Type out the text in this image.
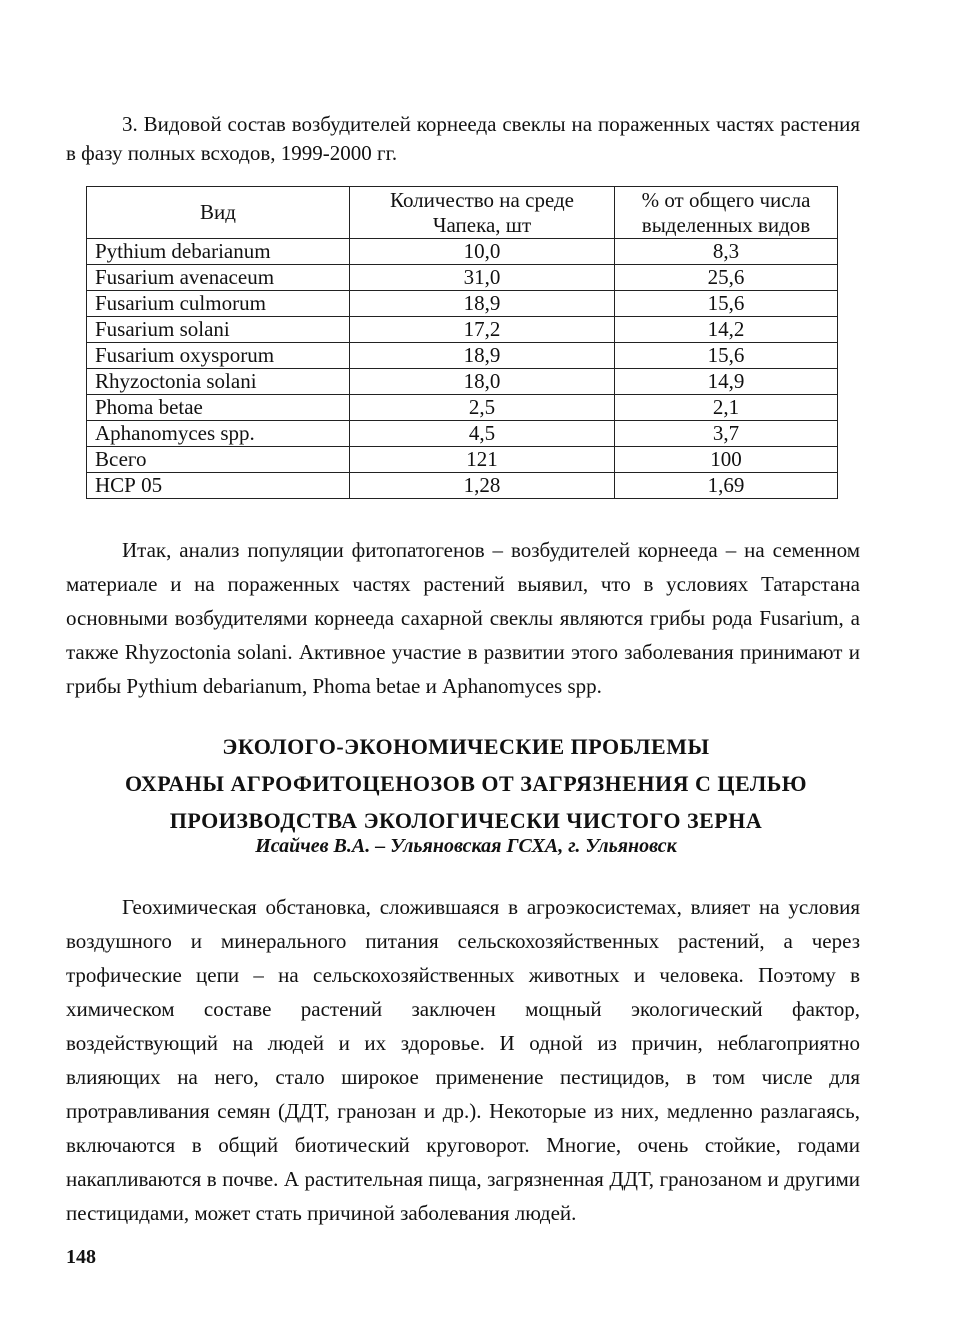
3. Видовой состав возбудителей корнееда свеклы на пораженных частях растения в фазу полных всходов, 1999-2000 гг.
Вид	Количество на среде Чапека, шт	% от общего числа выделенных видов
Pythium debarianum	10,0	8,3
Fusarium avenaceum	31,0	25,6
Fusarium culmorum	18,9	15,6
Fusarium solani	17,2	14,2
Fusarium oxysporum	18,9	15,6
Rhyzoctonia solani	18,0	14,9
Phoma betae	2,5	2,1
Aphanomyces spp.	4,5	3,7
Всего	121	100
НСР 05	1,28	1,69

Итак, анализ популяции фитопатогенов – возбудителей корнееда – на семенном материале и на пораженных частях растений выявил, что в условиях Татарстана основными возбудителями корнееда сахарной свеклы являются грибы рода Fusarium, а также Rhyzoctonia solani. Активное участие в развитии этого заболевания принимают и грибы Pythium debarianum, Phoma betae и Aphanomyces spp.

ЭКОЛОГО-ЭКОНОМИЧЕСКИЕ ПРОБЛЕМЫ
ОХРАНЫ АГРОФИТОЦЕНОЗОВ ОТ ЗАГРЯЗНЕНИЯ С ЦЕЛЬЮ
ПРОИЗВОДСТВА ЭКОЛОГИЧЕСКИ ЧИСТОГО ЗЕРНА
Исайчев В.А. – Ульяновская ГСХА, г. Ульяновск

Геохимическая обстановка, сложившаяся в агроэкосистемах, влияет на условия воздушного и минерального питания сельскохозяйственных растений, а через трофические цепи – на сельскохозяйственных животных и человека. Поэтому в химическом составе растений заключен мощный экологический фактор, воздействующий на людей и их здоровье. И одной из причин, неблагоприятно влияющих на него, стало широкое применение пестицидов, в том числе для протравливания семян (ДДТ, гранозан и др.). Некоторые из них, медленно разлагаясь, включаются в общий биотический круговорот. Многие, очень стойкие, годами накапливаются в почве. А растительная пища, загрязненная ДДТ, гранозаном и другими пестицидами, может стать причиной заболевания людей.

148
